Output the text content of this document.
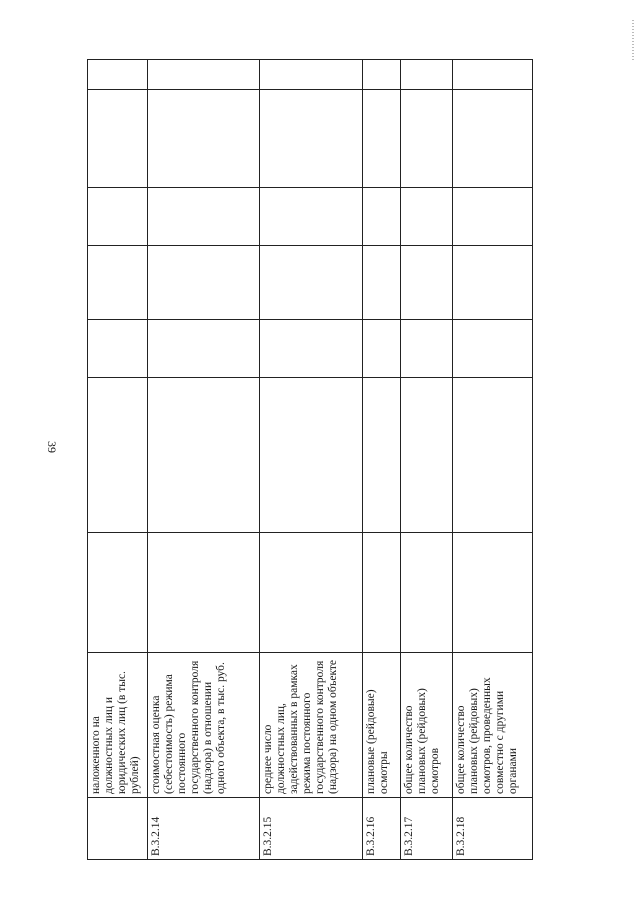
39
	наложенного на должностных лиц и юридических лиц (в тыс. рублей)							
В.3.2.14	стоимостная оценка (себестоимость) режима постоянного государственного контроля (надзора) в отношении одного объекта, в тыс. руб.							
В.3.2.15	среднее число должностных лиц, задействованных в рамках режима постоянного государственного контроля (надзора) на одном объекте							
В.3.2.16	плановые (рейдовые) осмотры							
В.3.2.17	общее количество плановых (рейдовых) осмотров							
В.3.2.18	общее количество плановых (рейдовых) осмотров, проведенных совместно с другими органами							
